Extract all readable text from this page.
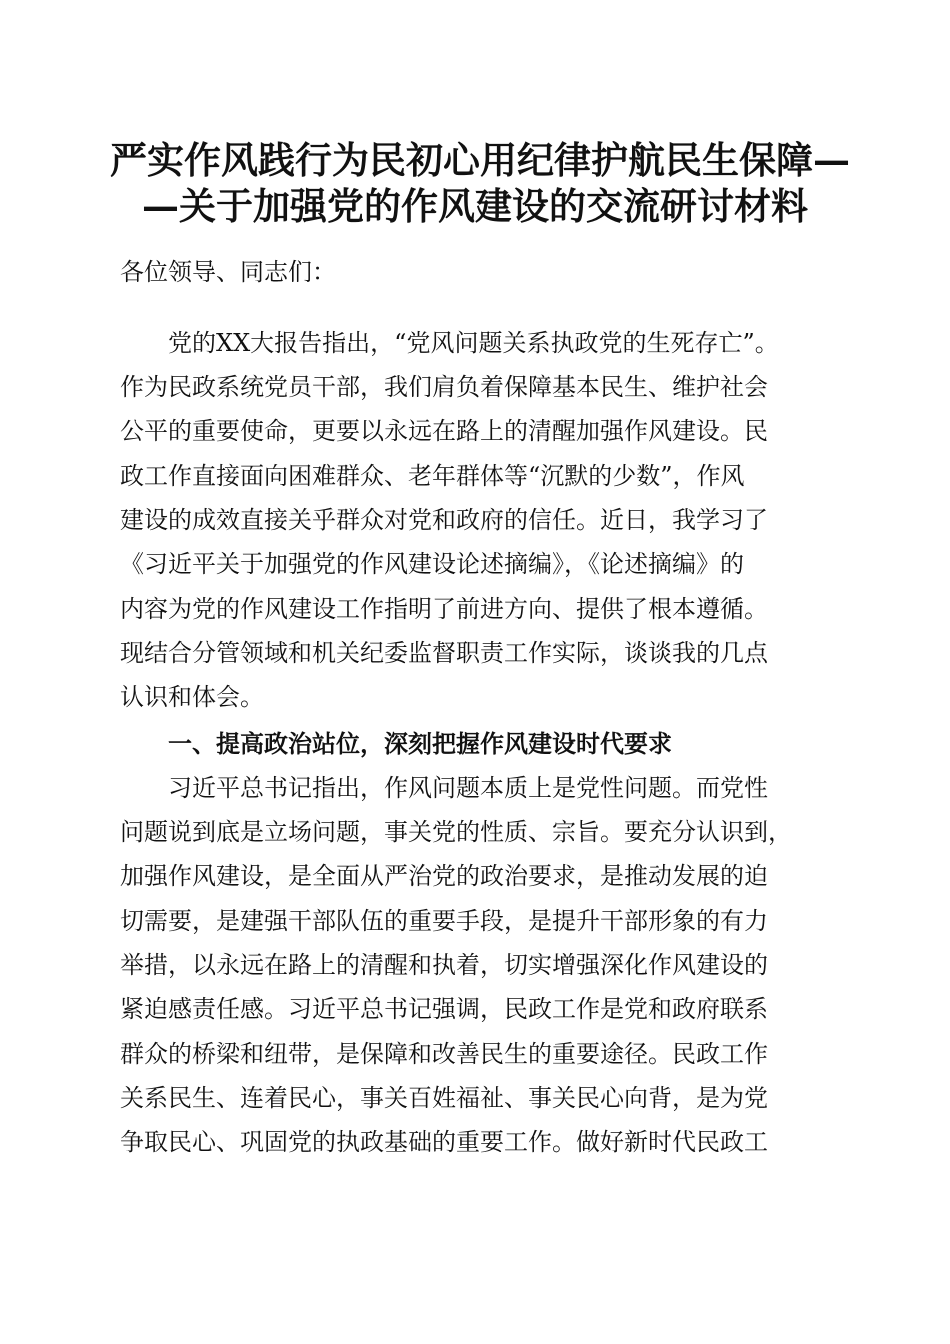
严实作风践行为民初心用纪律护航民生保障—
—关于加强党的作风建设的交流研讨材料
各位领导、同志们：
　　党的XX大报告指出，“党风问题关系执政党的生死存亡”。
作为民政系统党员干部，我们肩负着保障基本民生、维护社会
公平的重要使命，更要以永远在路上的清醒加强作风建设。民
政工作直接面向困难群众、老年群体等“沉默的少数”，作风
建设的成效直接关乎群众对党和政府的信任。近日，我学习了
《习近平关于加强党的作风建设论述摘编》，《论述摘编》的
内容为党的作风建设工作指明了前进方向、提供了根本遵循。
现结合分管领域和机关纪委监督职责工作实际，谈谈我的几点
认识和体会。
一、提高政治站位，深刻把握作风建设时代要求
　　习近平总书记指出，作风问题本质上是党性问题。而党性
问题说到底是立场问题，事关党的性质、宗旨。要充分认识到，
加强作风建设，是全面从严治党的政治要求，是推动发展的迫
切需要，是建强干部队伍的重要手段，是提升干部形象的有力
举措，以永远在路上的清醒和执着，切实增强深化作风建设的
紧迫感责任感。习近平总书记强调，民政工作是党和政府联系
群众的桥梁和纽带，是保障和改善民生的重要途径。民政工作
关系民生、连着民心，事关百姓福祉、事关民心向背，是为党
争取民心、巩固党的执政基础的重要工作。做好新时代民政工
